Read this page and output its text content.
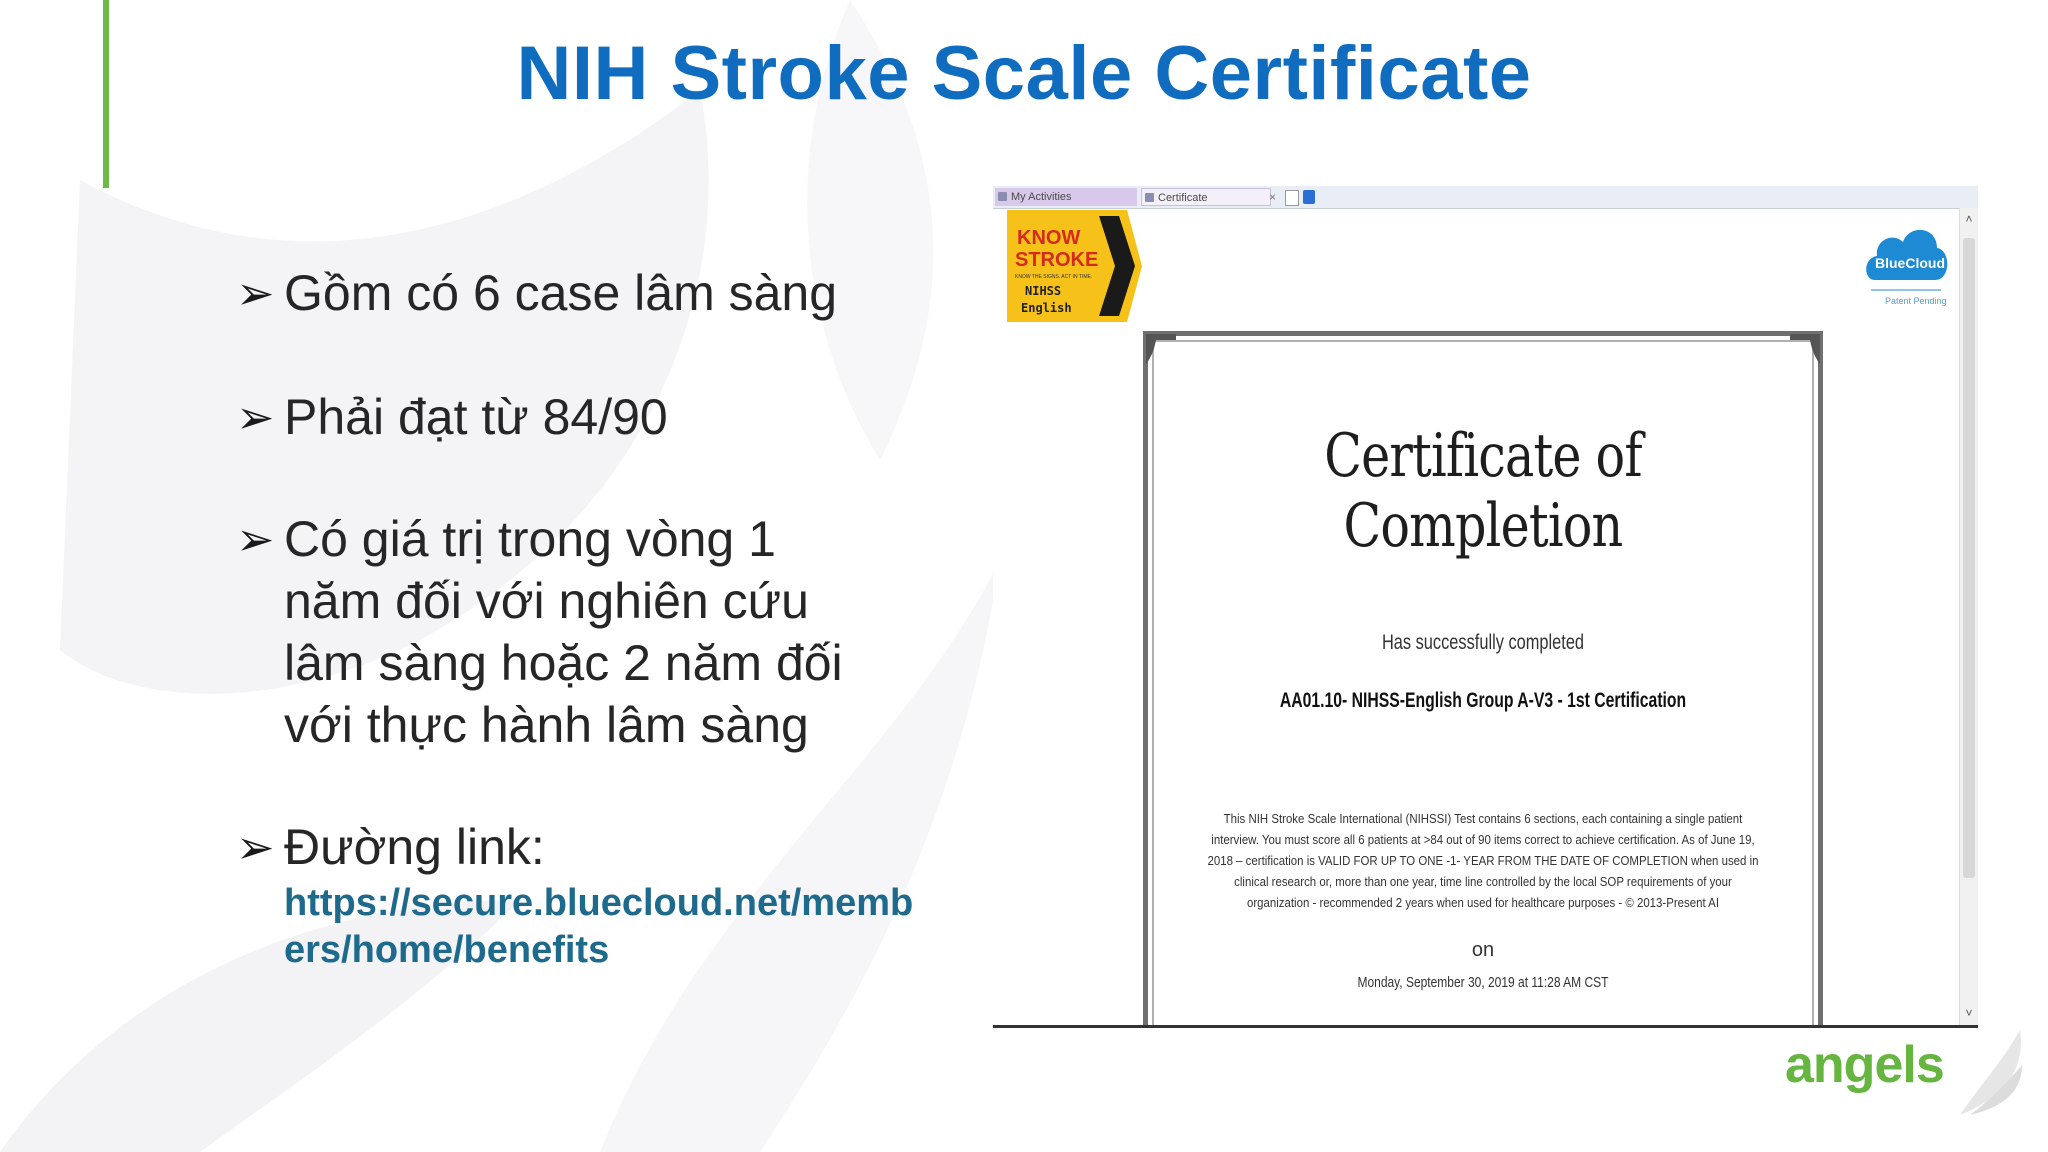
NIH Stroke Scale Certificate
➢ Gồm có 6 case lâm sàng
➢ Phải đạt từ 84/90
➢ Có giá trị trong vòng 1 năm đối với nghiên cứu lâm sàng hoặc 2 năm đối với thực hành lâm sàng
➢ Đường link:
https://secure.bluecloud.net/members/home/benefits
My Activities	Certificate	×
KNOW
STROKE
KNOW THE SIGNS. ACT IN TIME.
NIHSS
English
BlueCloud
Patent Pending
Certificate of Completion
Has successfully completed
AA01.10- NIHSS-English Group A-V3 - 1st Certification
This NIH Stroke Scale International (NIHSSI) Test contains 6 sections, each containing a single patient interview. You must score all 6 patients at >84 out of 90 items correct to achieve certification. As of June 19, 2018 – certification is VALID FOR UP TO ONE -1- YEAR FROM THE DATE OF COMPLETION when used in clinical research or, more than one year, time line controlled by the local SOP requirements of your organization - recommended 2 years when used for healthcare purposes - © 2013-Present AI
on
Monday, September 30, 2019 at 11:28 AM CST
˄
˅
angels
